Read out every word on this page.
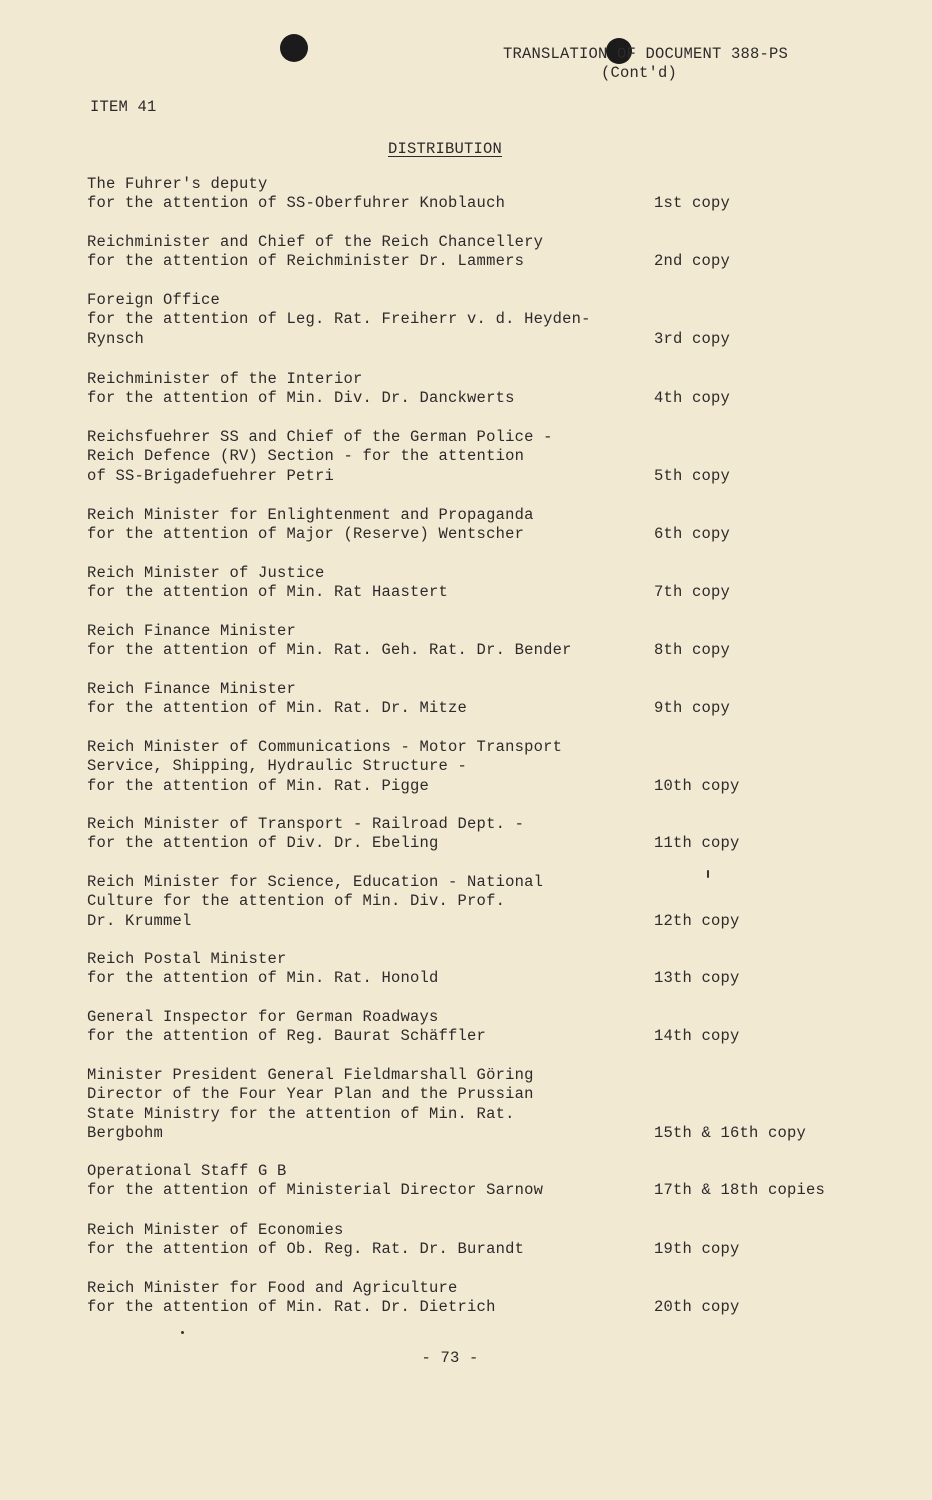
TRANSLATION OF DOCUMENT 388-PS
(Cont'd)
ITEM 41
DISTRIBUTION
The Fuhrer's deputy
for the attention of SS-Oberfuhrer Knoblauch	1st copy
Reichminister and Chief of the Reich Chancellery
for the attention of Reichminister Dr. Lammers	2nd copy
Foreign Office
for the attention of Leg. Rat. Freiherr v. d. Heyden-
Rynsch	3rd copy
Reichminister of the Interior
for the attention of Min. Div. Dr. Danckwerts	4th copy
Reichsfuehrer SS and Chief of the German Police -
Reich Defence (RV) Section - for the attention
of SS-Brigadefuehrer Petri	5th copy
Reich Minister for Enlightenment and Propaganda
for the attention of Major (Reserve) Wentscher	6th copy
Reich Minister of Justice
for the attention of Min. Rat Haastert	7th copy
Reich Finance Minister
for the attention of Min. Rat. Geh. Rat. Dr. Bender	8th copy
Reich Finance Minister
for the attention of Min. Rat. Dr. Mitze	9th copy
Reich Minister of Communications - Motor Transport
Service, Shipping, Hydraulic Structure -
for the attention of Min. Rat. Pigge	10th copy
Reich Minister of Transport - Railroad Dept. -
for the attention of Div. Dr. Ebeling	11th copy
Reich Minister for Science, Education - National
Culture for the attention of Min. Div. Prof.
Dr. Krummel	12th copy
Reich Postal Minister
for the attention of Min. Rat. Honold	13th copy
General Inspector for German Roadways
for the attention of Reg. Baurat Schäffler	14th copy
Minister President General Fieldmarshall Göring
Director of the Four Year Plan and the Prussian
State Ministry for the attention of Min. Rat.
Bergbohm	15th & 16th copy
Operational Staff G B
for the attention of Ministerial Director Sarnow	17th & 18th copies
Reich Minister of Economies
for the attention of Ob. Reg. Rat. Dr. Burandt	19th copy
Reich Minister for Food and Agriculture
for the attention of Min. Rat. Dr. Dietrich	20th copy
- 73 -
